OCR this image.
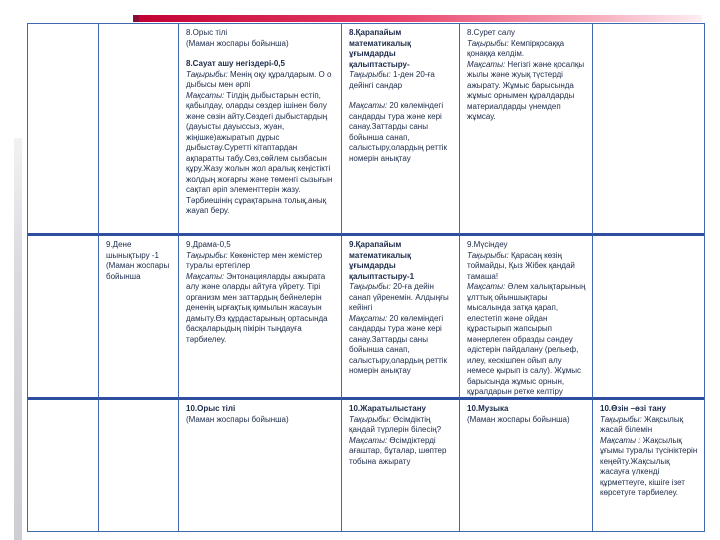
8.Орыс тілі
(Маман жоспары бойынша)
8.Сауат ашу негіздері-0,5
Тақырыбы: Менің оқу құралдарым. О о дыбысы мен әрпі
Мақсаты: Тілдің дыбыстарын естіп, қабылдау, оларды сөздер ішінен бөлу және сөзін айту.Сөздегі дыбыстардың (дауысты дауыссыз, жуан, жіңішке)ажыратып дұрыс дыбыстау.Суретті кітаптардан ақпаратты табу.Сөз,сөйлем сызбасын құру.Жазу жолын жол аралық кеңістікті жолдың жоғарғы және төменгі сызығын сақтап әріп элементтерін жазу.
Тәрбиешінің сұрақтарына толық,анық жауап беру.
8.Қарапайым математикалық ұғымдарды қалыптастыру-
Тақырыбы: 1-ден 20-ға дейінгі сандар
Мақсаты: 20 көлеміндегі сандарды тура және кері санау.Заттарды саны бойынша санап, салыстыру,олардың реттік номерін анықтау
8.Сурет салу
Тақырыбы: Кемпірқосаққа қонаққа келдім.
Мақсаты: Негізгі және қосалқы жылы және жуық түстерді ажырату. Жұмыс барысында жұмыс орнымен құралдарды материалдарды үнемдеп жұмсау.
9.Дене шынықтыру -1
(Маман жоспары бойынша
9.Драма-0,5
Тақырыбы: Көкөністер мен жемістер туралы ертегілер
Мақсаты: Энтонацияларды ажырата алу және оларды айтуға үйрету. Тірі организм мен заттардың бейнелерін дененің ырғақтық қимылын жасауын дамыту.Өз құрдастарының ортасында басқаларыдың пікірін тыңдауға тәрбиелеу.
9.Қарапайым математикалық ұғымдарды қалыптастыру-1
Тақырыбы: 20-ға дейін санап үйренемін. Алдыңғы кейінгі
Мақсаты: 20 көлеміндегі сандарды тура және кері санау.Заттарды саны бойынша санап, салыстыру,олардың реттік номерін анықтау
9.Мүсіндеу
Тақырыбы: Қарасаң көзің тоймайды, Қыз Жібек қандай тамаша!
Мақсаты: Әлем халықтарының ұлттық ойыншықтары мысалында затқа қарап, елестетіп және ойдан құрастырып жапсырып мәнерлеген образды сәндеу әдістерін пайдалану (рельеф, илеу, кескішпен ойып алу немесе қырып із салу). Жұмыс барысында жұмыс орнын, құралдарын ретке келтіру
10.Орыс тілі
(Маман жоспары бойынша)
10.Жаратылыстану
Тақырыбы: Өсімдіктің қандай түрлерін білесің?
Мақсаты: Өсімдіктерді ағаштар, бұталар, шөптер тобына ажырату
10.Музыка
(Маман жоспары бойынша)
10.Өзін –өзі тану
Тақырыбы: Жақсылық жасай білемін
Мақсаты : Жақсылық ұғымы туралы түсініктерін кеңейту.Жақсылық жасауға үлкенді құрметтеуге, кішіге ізет көрсетуге тәрбиелеу.
